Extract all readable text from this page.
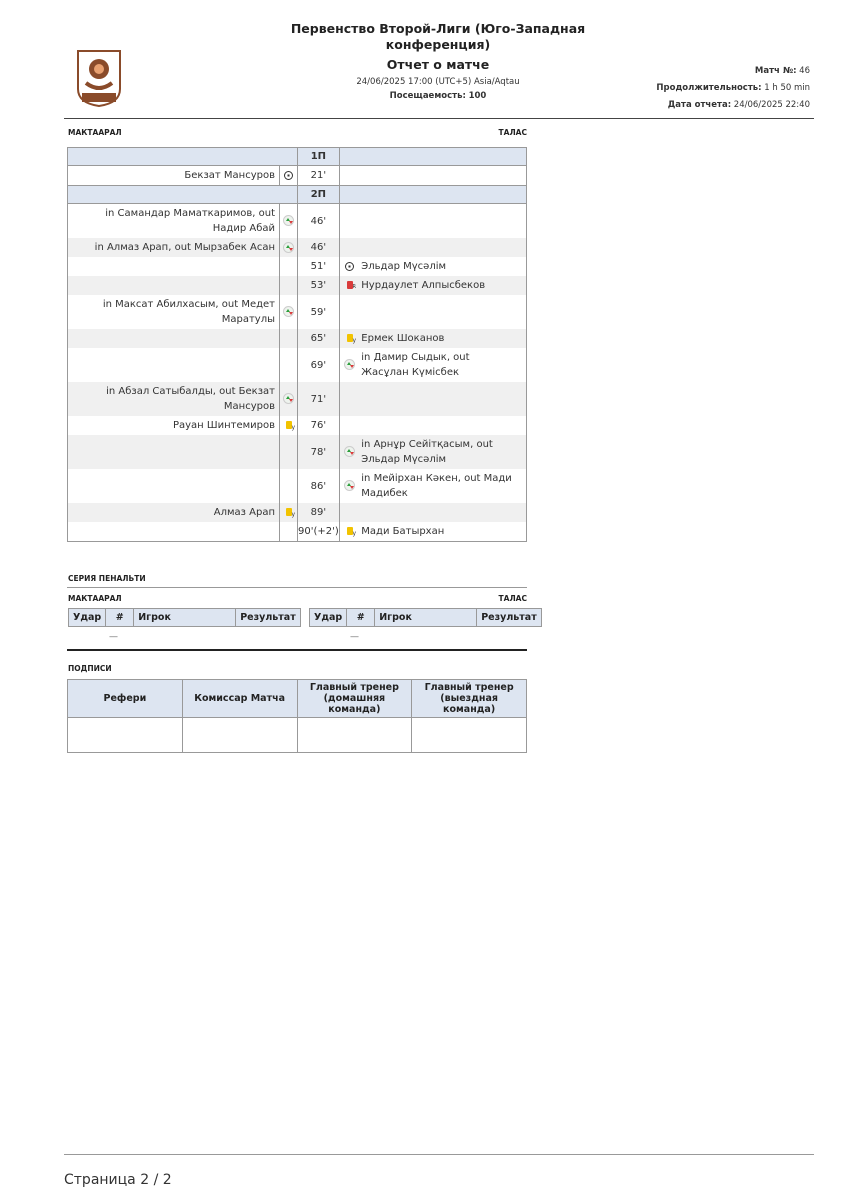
Первенство Второй-Лиги (Юго-Западная конференция)
Отчет о матче
24/06/2025 17:00 (UTC+5) Asia/Aqtau
Посещаемость: 100
Матч №: 46
Продолжительность: 1 h 50 min
Дата отчета: 24/06/2025 22:40
МАКТААРАЛ	ТАЛАС
		1П		
Бекзат Мансуров		21'		
		2П		
in Самандар Маматкаримов, out Надир Абай		46'		
in Алмаз Арап, out Мырзабек Асан		46'		
		51'		Эльдар Мүсәлім
		53'	R	Нурдаулет Алпысбеков
in Максат Абилхасым, out Медет Маратулы		59'		
		65'	y	Ермек Шоканов
		69'		in Дамир Сыдык, out Жасұлан Күмісбек
in Абзал Сатыбалды, out Бекзат Мансуров		71'		
Рауан Шинтемиров	y	76'		
		78'		in Арнұр Сейітқасым, out Эльдар Мүсәлім
		86'		in Мейірхан Кәкен, out Мади Мадибек
Алмаз Арап	y	89'		
		90'(+2')	y	Мади Батырхан
СЕРИЯ ПЕНАЛЬТИ
МАКТААРАЛ	ТАЛАС
Удар	#	Игрок	Результат
—
Удар	#	Игрок	Результат
—
ПОДПИСИ
Рефери	Комиссар Матча	Главный тренер (домашняя команда)	Главный тренер (выездная команда)

Страница 2 / 2
